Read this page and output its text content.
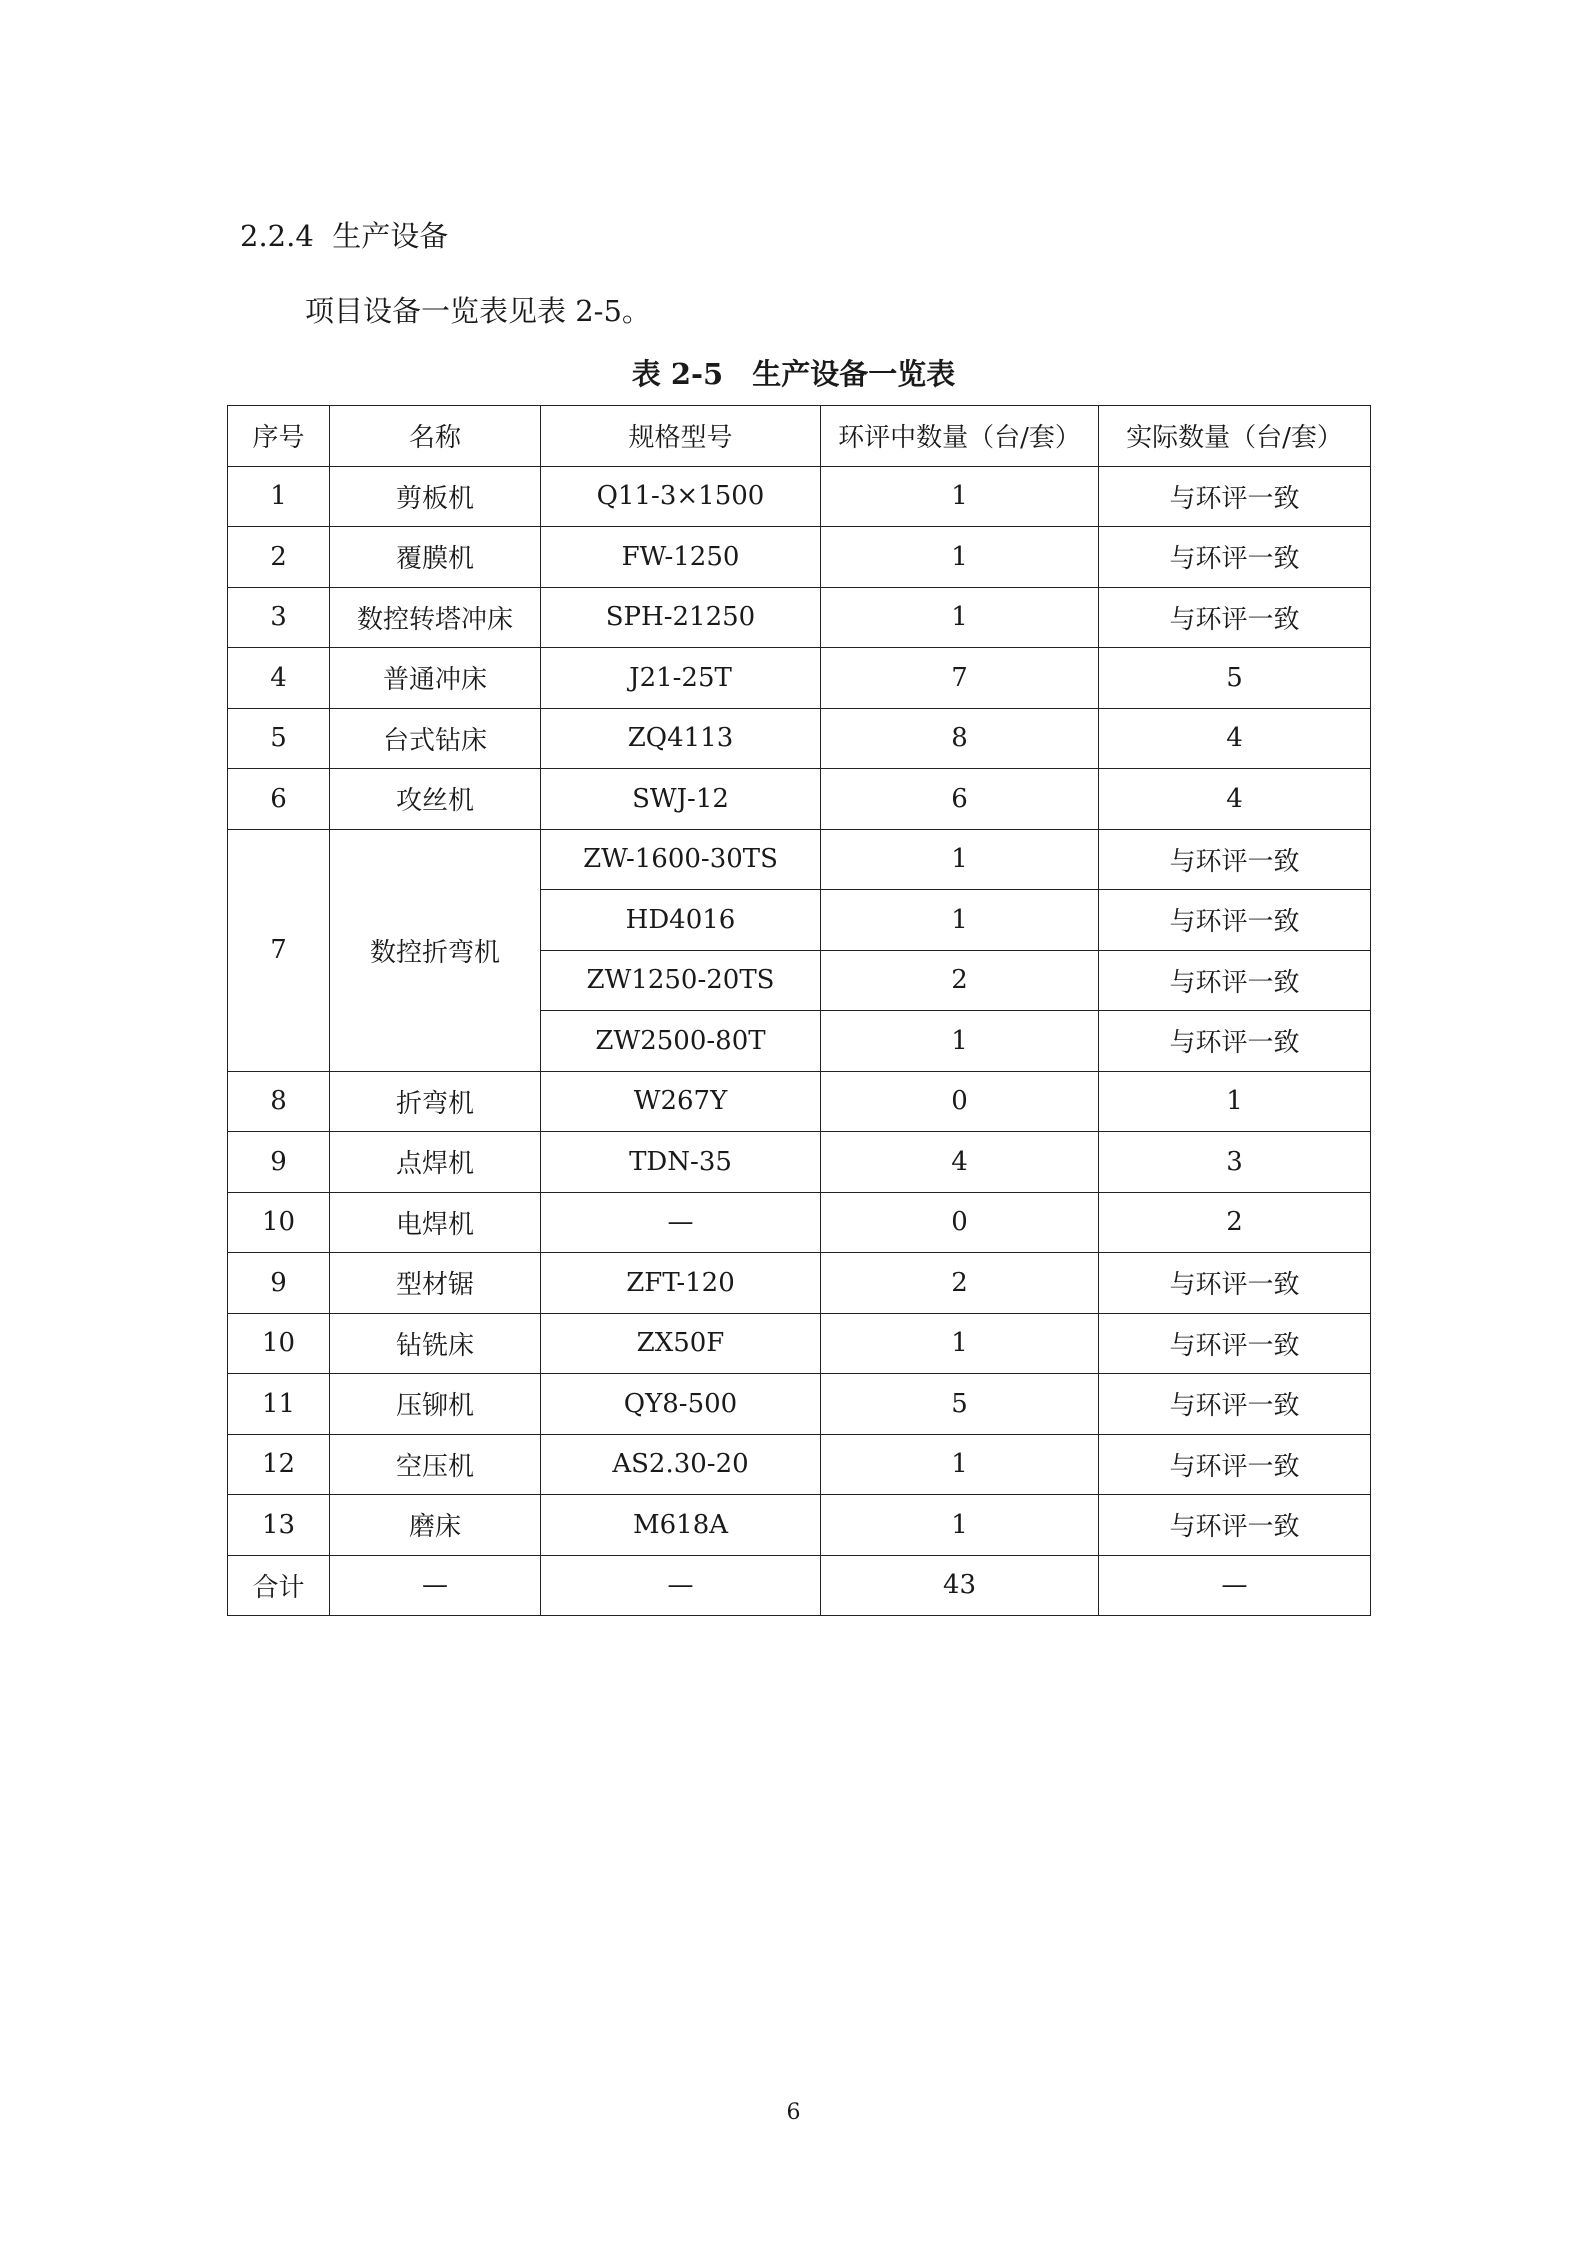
2.2.4 生产设备
项目设备一览表见表 2-5。
表 2-5　生产设备一览表
序号	名称	规格型号	环评中数量（台/套）	实际数量（台/套）
1	剪板机	Q11-3×1500	1	与环评一致
2	覆膜机	FW-1250	1	与环评一致
3	数控转塔冲床	SPH-21250	1	与环评一致
4	普通冲床	J21-25T	7	5
5	台式钻床	ZQ4113	8	4
6	攻丝机	SWJ-12	6	4
7	数控折弯机	ZW-1600-30TS	1	与环评一致
		HD4016	1	与环评一致
		ZW1250-20TS	2	与环评一致
		ZW2500-80T	1	与环评一致
8	折弯机	W267Y	0	1
9	点焊机	TDN-35	4	3
10	电焊机	—	0	2
9	型材锯	ZFT-120	2	与环评一致
10	钻铣床	ZX50F	1	与环评一致
11	压铆机	QY8-500	5	与环评一致
12	空压机	AS2.30-20	1	与环评一致
13	磨床	M618A	1	与环评一致
合计	—	—	43	—
6
